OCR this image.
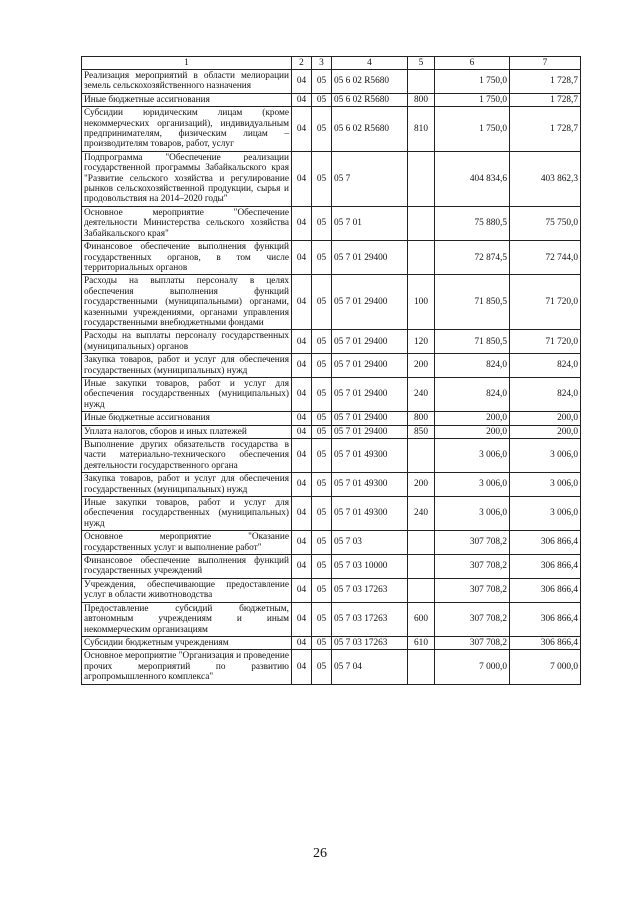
1	2	3	4	5	6	7
Реализация мероприятий в области мелиорации земель сельскохозяйственного назначения	04	05	05 6 02 R5680		1 750,0	1 728,7
Иные бюджетные ассигнования	04	05	05 6 02 R5680	800	1 750,0	1 728,7
Субсидии юридическим лицам (кроме некоммерческих организаций), индивидуальным предпринимателям, физическим лицам – производителям товаров, работ, услуг	04	05	05 6 02 R5680	810	1 750,0	1 728,7
Подпрограмма "Обеспечение реализации государственной программы Забайкальского края "Развитие сельского хозяйства и регулирование рынков сельскохозяйственной продукции, сырья и продовольствия на 2014–2020 годы"	04	05	05 7		404 834,6	403 862,3
Основное мероприятие "Обеспечение деятельности Министерства сельского хозяйства Забайкальского края"	04	05	05 7 01		75 880,5	75 750,0
Финансовое обеспечение выполнения функций государственных органов, в том числе территориальных органов	04	05	05 7 01 29400		72 874,5	72 744,0
Расходы на выплаты персоналу в целях обеспечения выполнения функций государственными (муниципальными) органами, казенными учреждениями, органами управления государственными внебюджетными фондами	04	05	05 7 01 29400	100	71 850,5	71 720,0
Расходы на выплаты персоналу государственных (муниципальных) органов	04	05	05 7 01 29400	120	71 850,5	71 720,0
Закупка товаров, работ и услуг для обеспечения государственных (муниципальных) нужд	04	05	05 7 01 29400	200	824,0	824,0
Иные закупки товаров, работ и услуг для обеспечения государственных (муниципальных) нужд	04	05	05 7 01 29400	240	824,0	824,0
Иные бюджетные ассигнования	04	05	05 7 01 29400	800	200,0	200,0
Уплата налогов, сборов и иных платежей	04	05	05 7 01 29400	850	200,0	200,0
Выполнение других обязательств государства в части материально-технического обеспечения деятельности государственного органа	04	05	05 7 01 49300		3 006,0	3 006,0
Закупка товаров, работ и услуг для обеспечения государственных (муниципальных) нужд	04	05	05 7 01 49300	200	3 006,0	3 006,0
Иные закупки товаров, работ и услуг для обеспечения государственных (муниципальных) нужд	04	05	05 7 01 49300	240	3 006,0	3 006,0
Основное мероприятие "Оказание государственных услуг и выполнение работ"	04	05	05 7 03		307 708,2	306 866,4
Финансовое обеспечение выполнения функций государственных учреждений	04	05	05 7 03 10000		307 708,2	306 866,4
Учреждения, обеспечивающие предоставление услуг в области животноводства	04	05	05 7 03 17263		307 708,2	306 866,4
Предоставление субсидий бюджетным, автономным учреждениям и иным некоммерческим организациям	04	05	05 7 03 17263	600	307 708,2	306 866,4
Субсидии бюджетным учреждениям	04	05	05 7 03 17263	610	307 708,2	306 866,4
Основное мероприятие "Организация и проведение прочих мероприятий по развитию агропромышленного комплекса"	04	05	05 7 04		7 000,0	7 000,0
26
